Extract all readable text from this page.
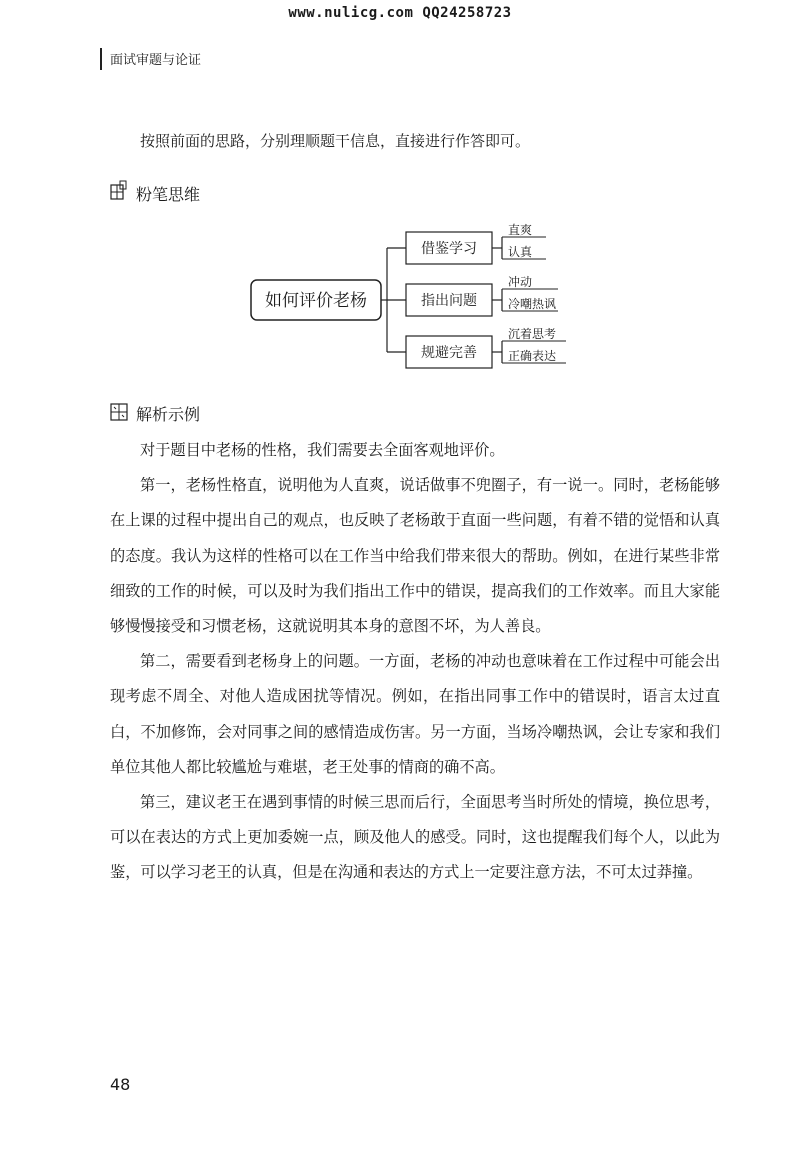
www.nulicg.com QQ24258723
面试审题与论证
按照前面的思路，分别理顺题干信息，直接进行作答即可。
粉笔思维
如何评价老杨
借鉴学习
指出问题
规避完善
直爽
认真
冲动
冷嘲热讽
沉着思考
正确表达
解析示例

对于题目中老杨的性格，我们需要去全面客观地评价。

第一，老杨性格直，说明他为人直爽，说话做事不兜圈子，有一说一。同时，老杨能够在上课的过程中提出自己的观点，也反映了老杨敢于直面一些问题，有着不错的觉悟和认真的态度。我认为这样的性格可以在工作当中给我们带来很大的帮助。例如，在进行某些非常细致的工作的时候，可以及时为我们指出工作中的错误，提高我们的工作效率。而且大家能够慢慢接受和习惯老杨，这就说明其本身的意图不坏，为人善良。

第二，需要看到老杨身上的问题。一方面，老杨的冲动也意味着在工作过程中可能会出现考虑不周全、对他人造成困扰等情况。例如，在指出同事工作中的错误时，语言太过直白，不加修饰，会对同事之间的感情造成伤害。另一方面，当场冷嘲热讽，会让专家和我们单位其他人都比较尴尬与难堪，老王处事的情商的确不高。

第三，建议老王在遇到事情的时候三思而后行，全面思考当时所处的情境，换位思考，可以在表达的方式上更加委婉一点，顾及他人的感受。同时，这也提醒我们每个人，以此为鉴，可以学习老王的认真，但是在沟通和表达的方式上一定要注意方法，不可太过莽撞。

48
